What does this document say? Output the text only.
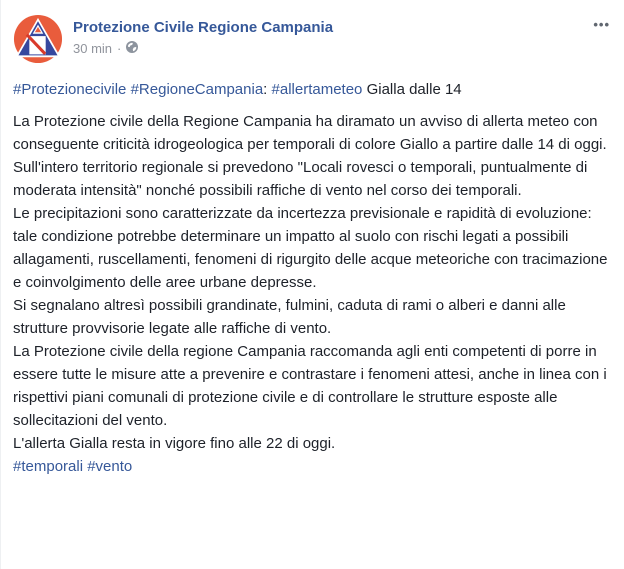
Protezione Civile Regione Campania
30 min ·
•••

#Protezionecivile #RegioneCampania: #allertameteo Gialla dalle 14

La Protezione civile della Regione Campania ha diramato un avviso di allerta meteo con conseguente criticità idrogeologica per temporali di colore Giallo a partire dalle 14 di oggi.

Sull'intero territorio regionale si prevedono "Locali rovesci o temporali, puntualmente di moderata intensità" nonché possibili raffiche di vento nel corso dei temporali.

Le precipitazioni sono caratterizzate da incertezza previsionale e rapidità di evoluzione: tale condizione potrebbe determinare un impatto al suolo con rischi legati a possibili allagamenti, ruscellamenti, fenomeni di rigurgito delle acque meteoriche con tracimazione e coinvolgimento delle aree urbane depresse.

Si segnalano altresì possibili grandinate, fulmini, caduta di rami o alberi e danni alle strutture provvisorie legate alle raffiche di vento.

La Protezione civile della regione Campania raccomanda agli enti competenti di porre in essere tutte le misure atte a prevenire e contrastare i fenomeni attesi, anche in linea con i rispettivi piani comunali di protezione civile e di controllare le strutture esposte alle sollecitazioni del vento.

L'allerta Gialla resta in vigore fino alle 22 di oggi.

#temporali #vento
